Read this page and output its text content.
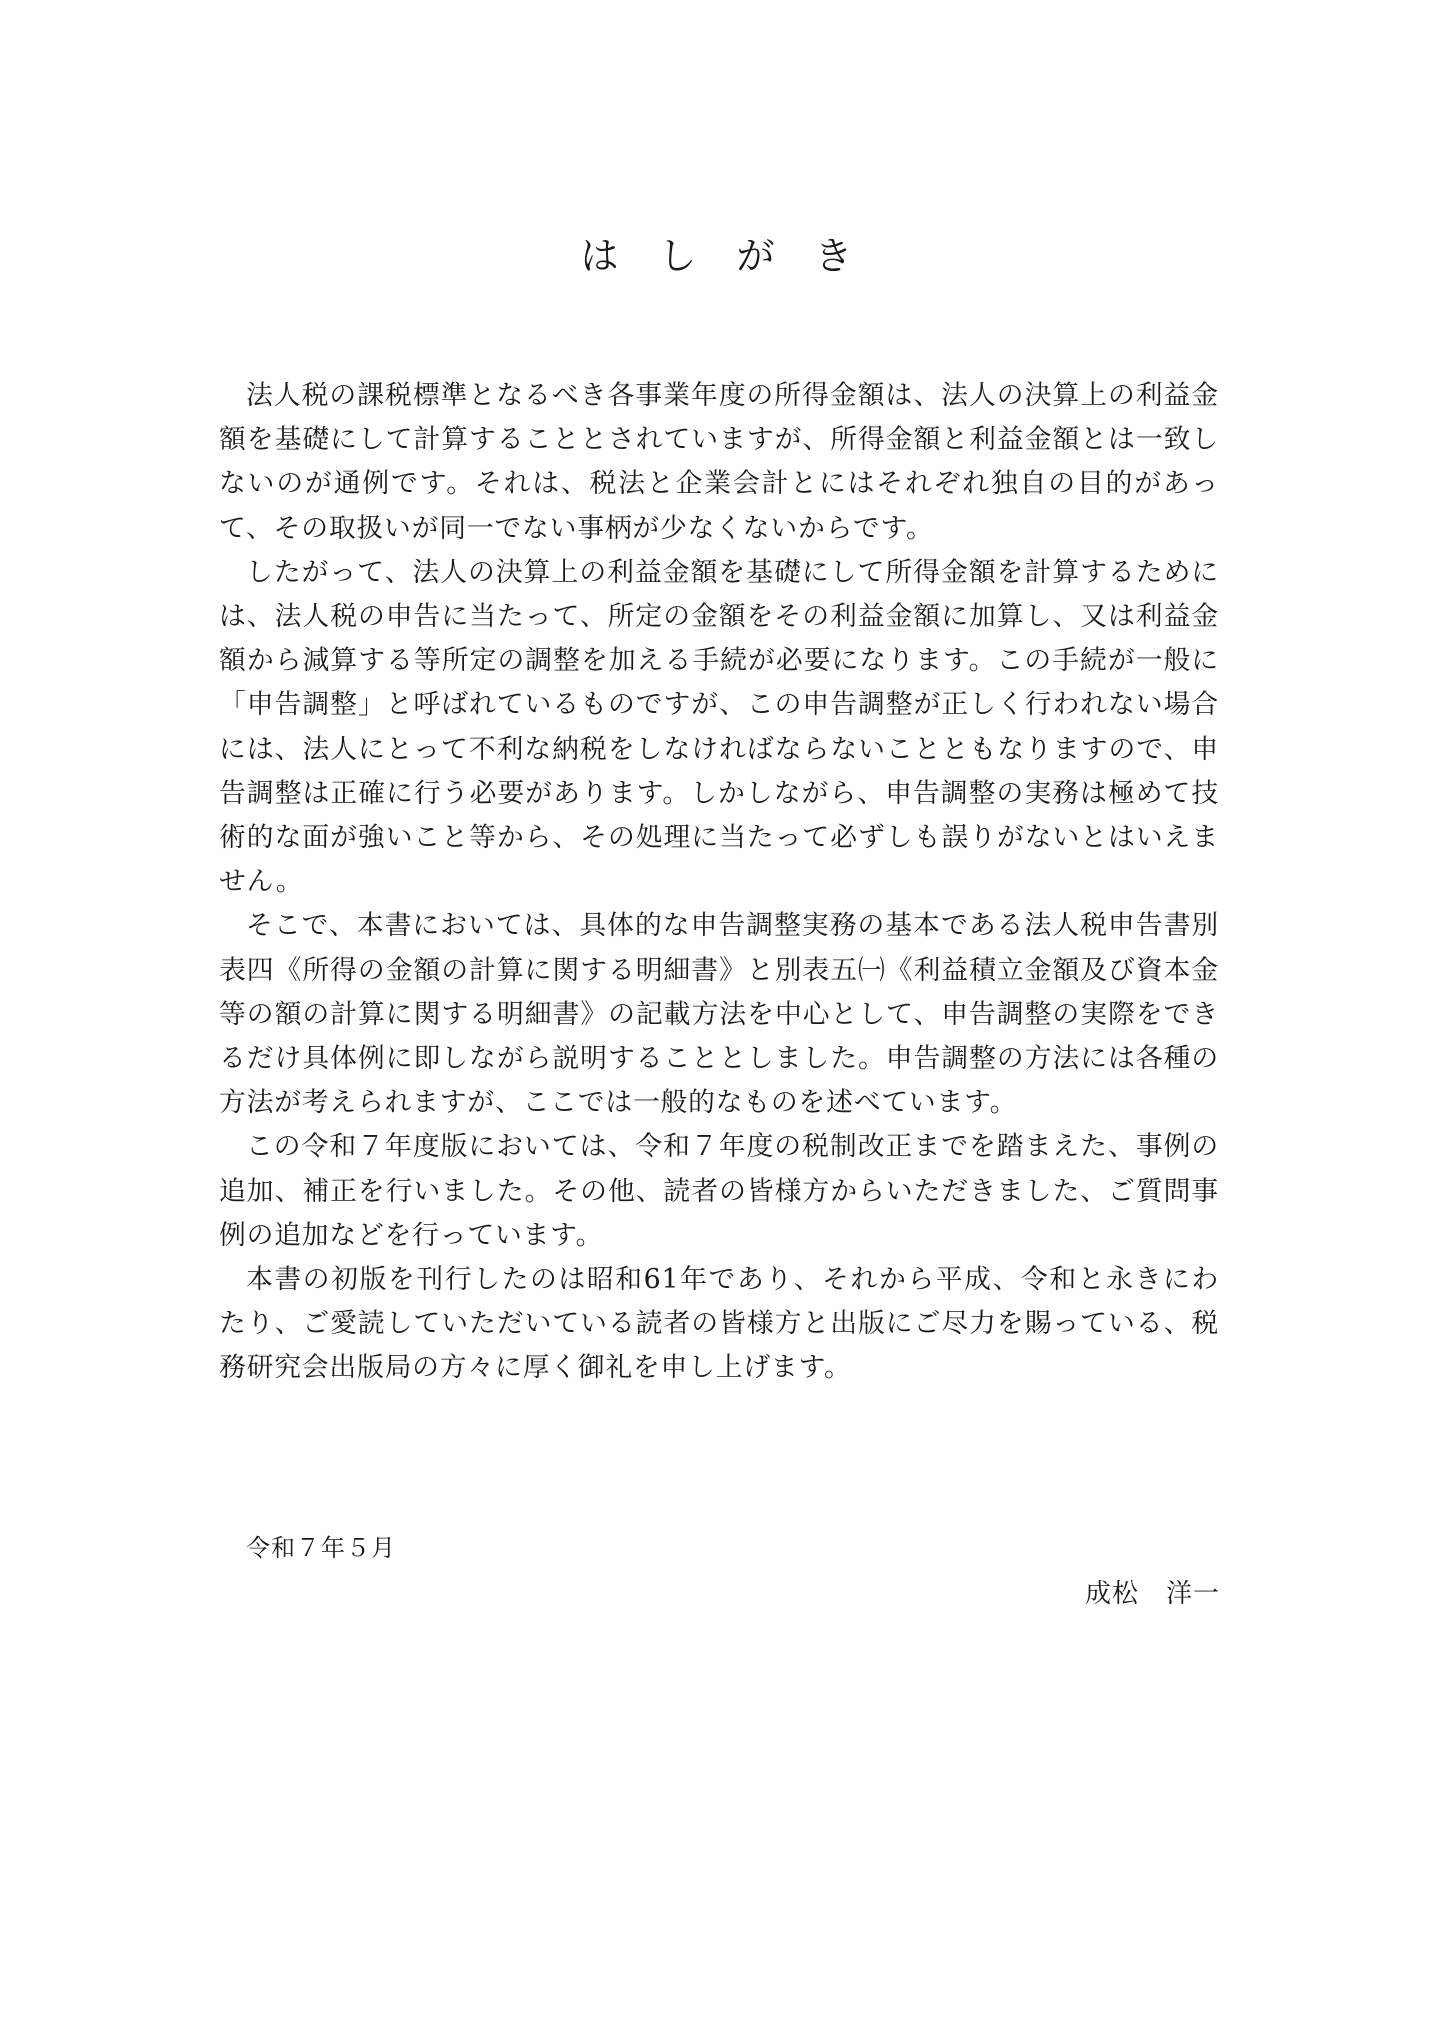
はしがき

法人税の課税標準となるべき各事業年度の所得金額は、法人の決算上の利益金額を基礎にして計算することとされていますが、所得金額と利益金額とは一致しないのが通例です。それは、税法と企業会計とにはそれぞれ独自の目的があって、その取扱いが同一でない事柄が少なくないからです。

したがって、法人の決算上の利益金額を基礎にして所得金額を計算するためには、法人税の申告に当たって、所定の金額をその利益金額に加算し、又は利益金額から減算する等所定の調整を加える手続が必要になります。この手続が一般に「申告調整」と呼ばれているものですが、この申告調整が正しく行われない場合には、法人にとって不利な納税をしなければならないことともなりますので、申告調整は正確に行う必要があります。しかしながら、申告調整の実務は極めて技術的な面が強いこと等から、その処理に当たって必ずしも誤りがないとはいえません。

そこで、本書においては、具体的な申告調整実務の基本である法人税申告書別表四《所得の金額の計算に関する明細書》と別表五㈠《利益積立金額及び資本金等の額の計算に関する明細書》の記載方法を中心として、申告調整の実際をできるだけ具体例に即しながら説明することとしました。申告調整の方法には各種の方法が考えられますが、ここでは一般的なものを述べています。

この令和７年度版においては、令和７年度の税制改正までを踏まえた、事例の追加、補正を行いました。その他、読者の皆様方からいただきました、ご質問事例の追加などを行っています。

本書の初版を刊行したのは昭和61年であり、それから平成、令和と永きにわたり、ご愛読していただいている読者の皆様方と出版にご尽力を賜っている、税務研究会出版局の方々に厚く御礼を申し上げます。

令和７年５月
成松　洋一
